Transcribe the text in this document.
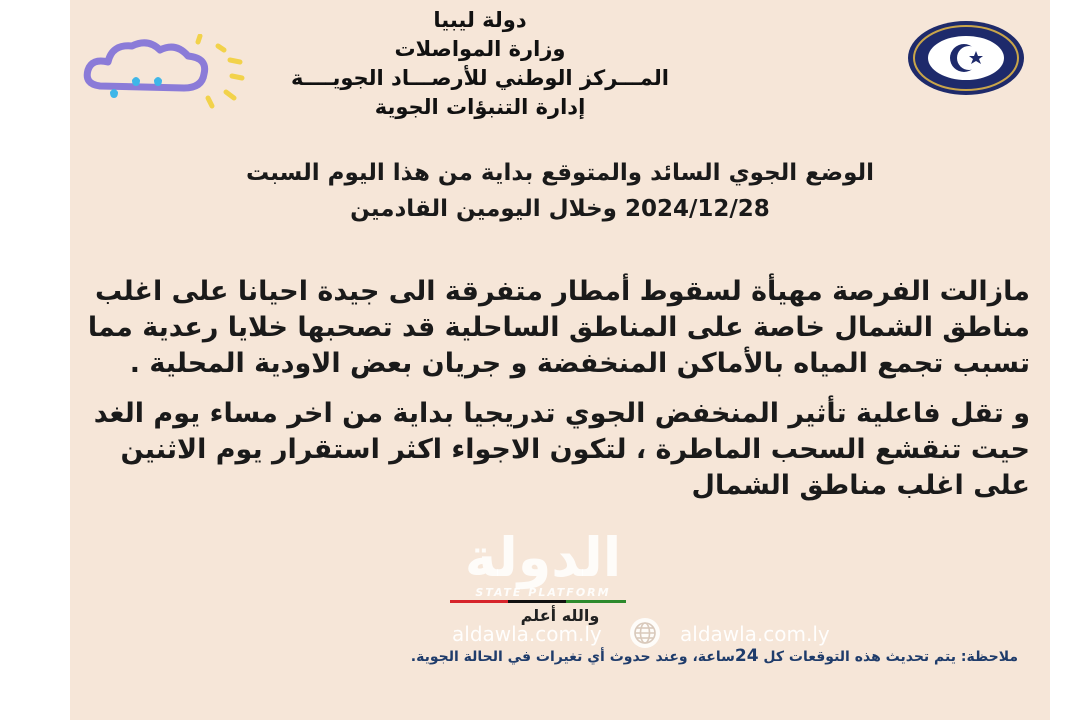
دولة ليبيا
وزارة المواصلات
المـــركز الوطني للأرصـــاد الجويــــة
إدارة التنبؤات الجوية
الوضع الجوي السائد والمتوقع بداية من هذا اليوم السبت
2024/12/28 وخلال اليومين القادمين

مازالت الفرصة مهيأة لسقوط أمطار متفرقة الى جيدة احيانا على اغلب مناطق الشمال خاصة على المناطق الساحلية قد تصحبها خلايا رعدية مما تسبب تجمع المياه بالأماكن المنخفضة و جريان بعض الاودية المحلية .

و تقل فاعلية تأثير المنخفض الجوي تدريجيا بداية من اخر مساء يوم الغد حيت تنقشع السحب الماطرة ، لتكون الاجواء اكثر استقرار يوم الاثنين على اغلب مناطق الشمال

الدولة
STATE PLATFORM
والله أعلم
aldawla.com.ly	aldawla.com.ly
ملاحظة: يتم تحديث هذه التوقعات كل 24ساعة، وعند حدوث أي تغيرات في الحالة الجوية.
